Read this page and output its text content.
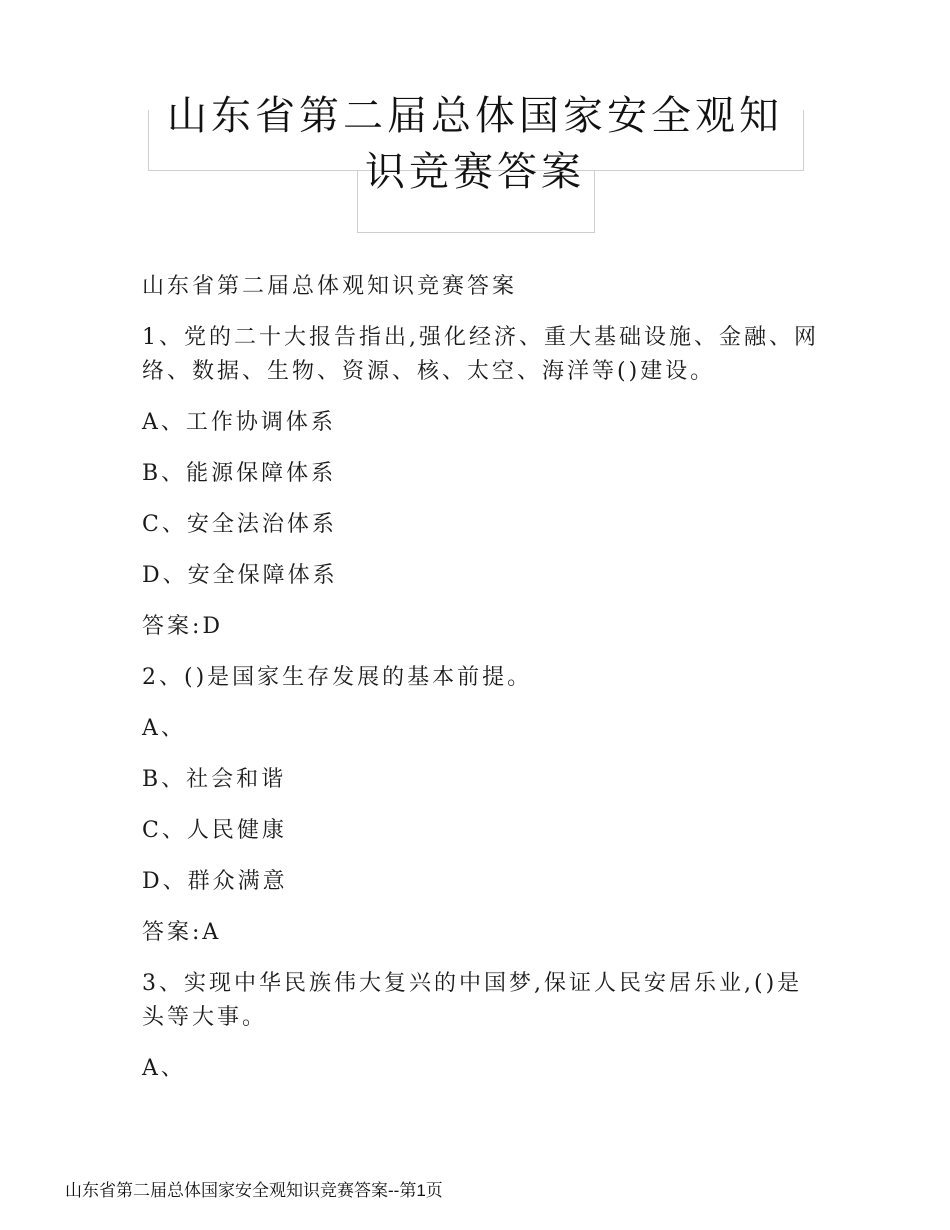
山东省第二届总体国家安全观知
识竞赛答案

山东省第二届总体观知识竞赛答案

1、党的二十大报告指出,强化经济、重大基础设施、金融、网络、数据、生物、资源、核、太空、海洋等()建设。

A、工作协调体系

B、能源保障体系

C、安全法治体系

D、安全保障体系

答案:D

2、()是国家生存发展的基本前提。

A、

B、社会和谐

C、人民健康

D、群众满意

答案:A

3、实现中华民族伟大复兴的中国梦,保证人民安居乐业,()是头等大事。

A、

山东省第二届总体国家安全观知识竞赛答案--第1页
